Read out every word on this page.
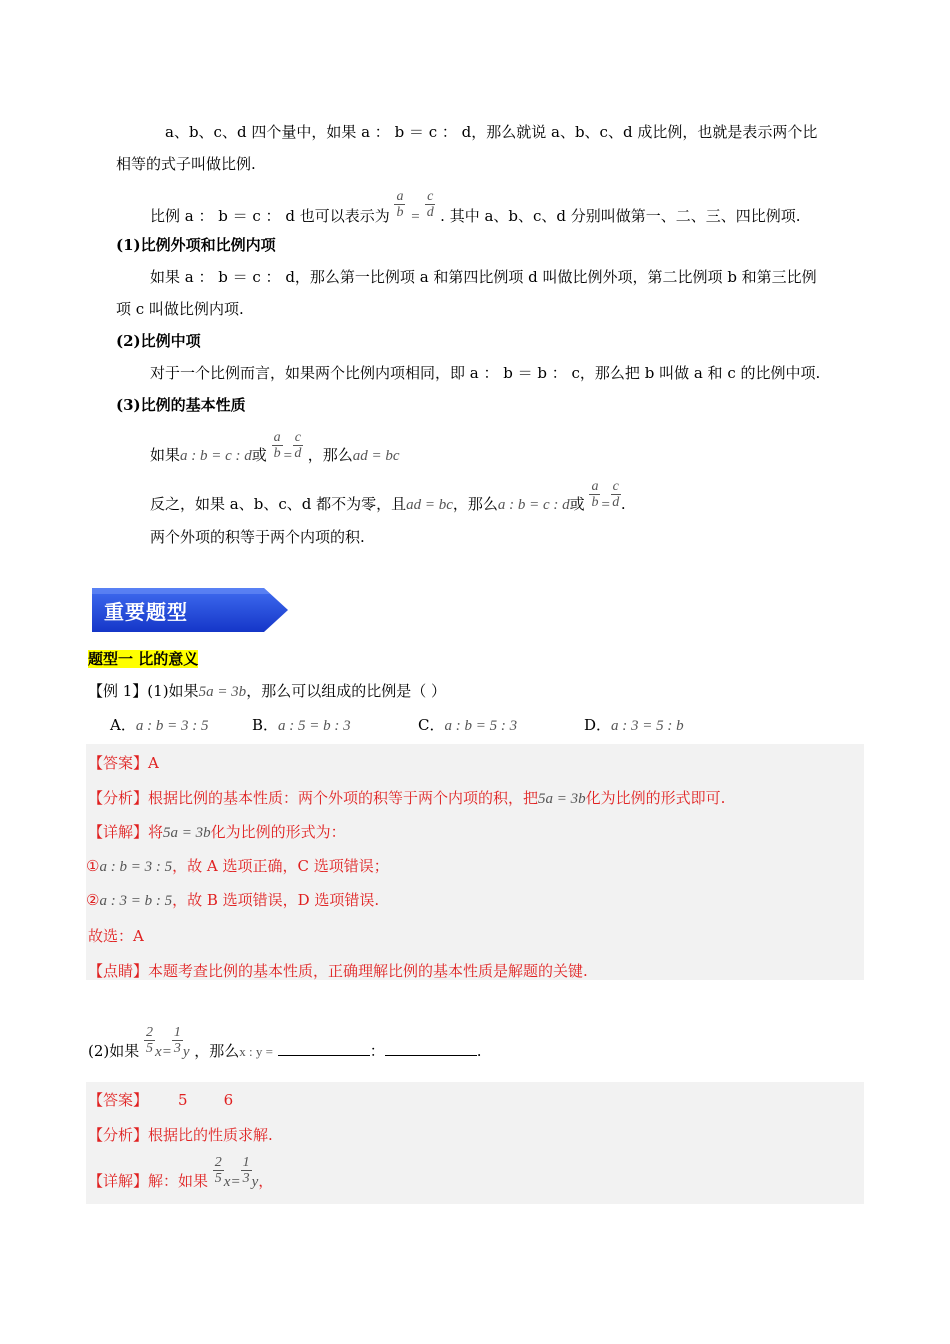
a、b、c、d 四个量中，如果 a ： b ＝ c ： d，那么就说 a、b、c、d 成比例，也就是表示两个比
相等的式子叫做比例.
比例 a ： b ＝ c ： d 也可以表示为 $\frac{a}{b} = \frac{c}{d}$ . 其中 a、b、c、d 分别叫做第一、二、三、四比例项.
(1)比例外项和比例内项
如果 a ： b ＝ c ： d，那么第一比例项 a 和第四比例项 d 叫做比例外项，第二比例项 b 和第三比例
项 c 叫做比例内项.
(2)比例中项
对于一个比例而言，如果两个比例内项相同，即 a ： b ＝ b ： c，那么把 b 叫做 a 和 c 的比例中项.
(3)比例的基本性质
如果a : b = c : d或 $\frac{a}{b} = \frac{c}{d}$ ，那么ad = bc
反之，如果 a、b、c、d 都不为零，且ad = bc，那么a : b = c : d或 $\frac{a}{b} = \frac{c}{d}$ .
两个外项的积等于两个内项的积.
重要题型
题型一 比的意义
【例 1】(1)如果5a = 3b，那么可以组成的比例是（ ）
A．a : b = 3 : 5	B．a : 5 = b : 3	C．a : b = 5 : 3	D．a : 3 = 5 : b
【答案】A
【分析】根据比例的基本性质：两个外项的积等于两个内项的积，把5a = 3b化为比例的形式即可.
【详解】将5a = 3b化为比例的形式为：
①a : b = 3 : 5，故 A 选项正确，C 选项错误；
②a : 3 = b : 5，故 B 选项错误，D 选项错误.
故选：A
【点睛】本题考查比例的基本性质，正确理解比例的基本性质是解题的关键.
(2)如果 $\frac{2}{5} x= \frac{1}{3}$ y ，那么x : y =	：	.
【答案】 5 6
【分析】根据比的性质求解.
【详解】解：如果 $\frac{2}{5} x= \frac{1}{3}$ y，
